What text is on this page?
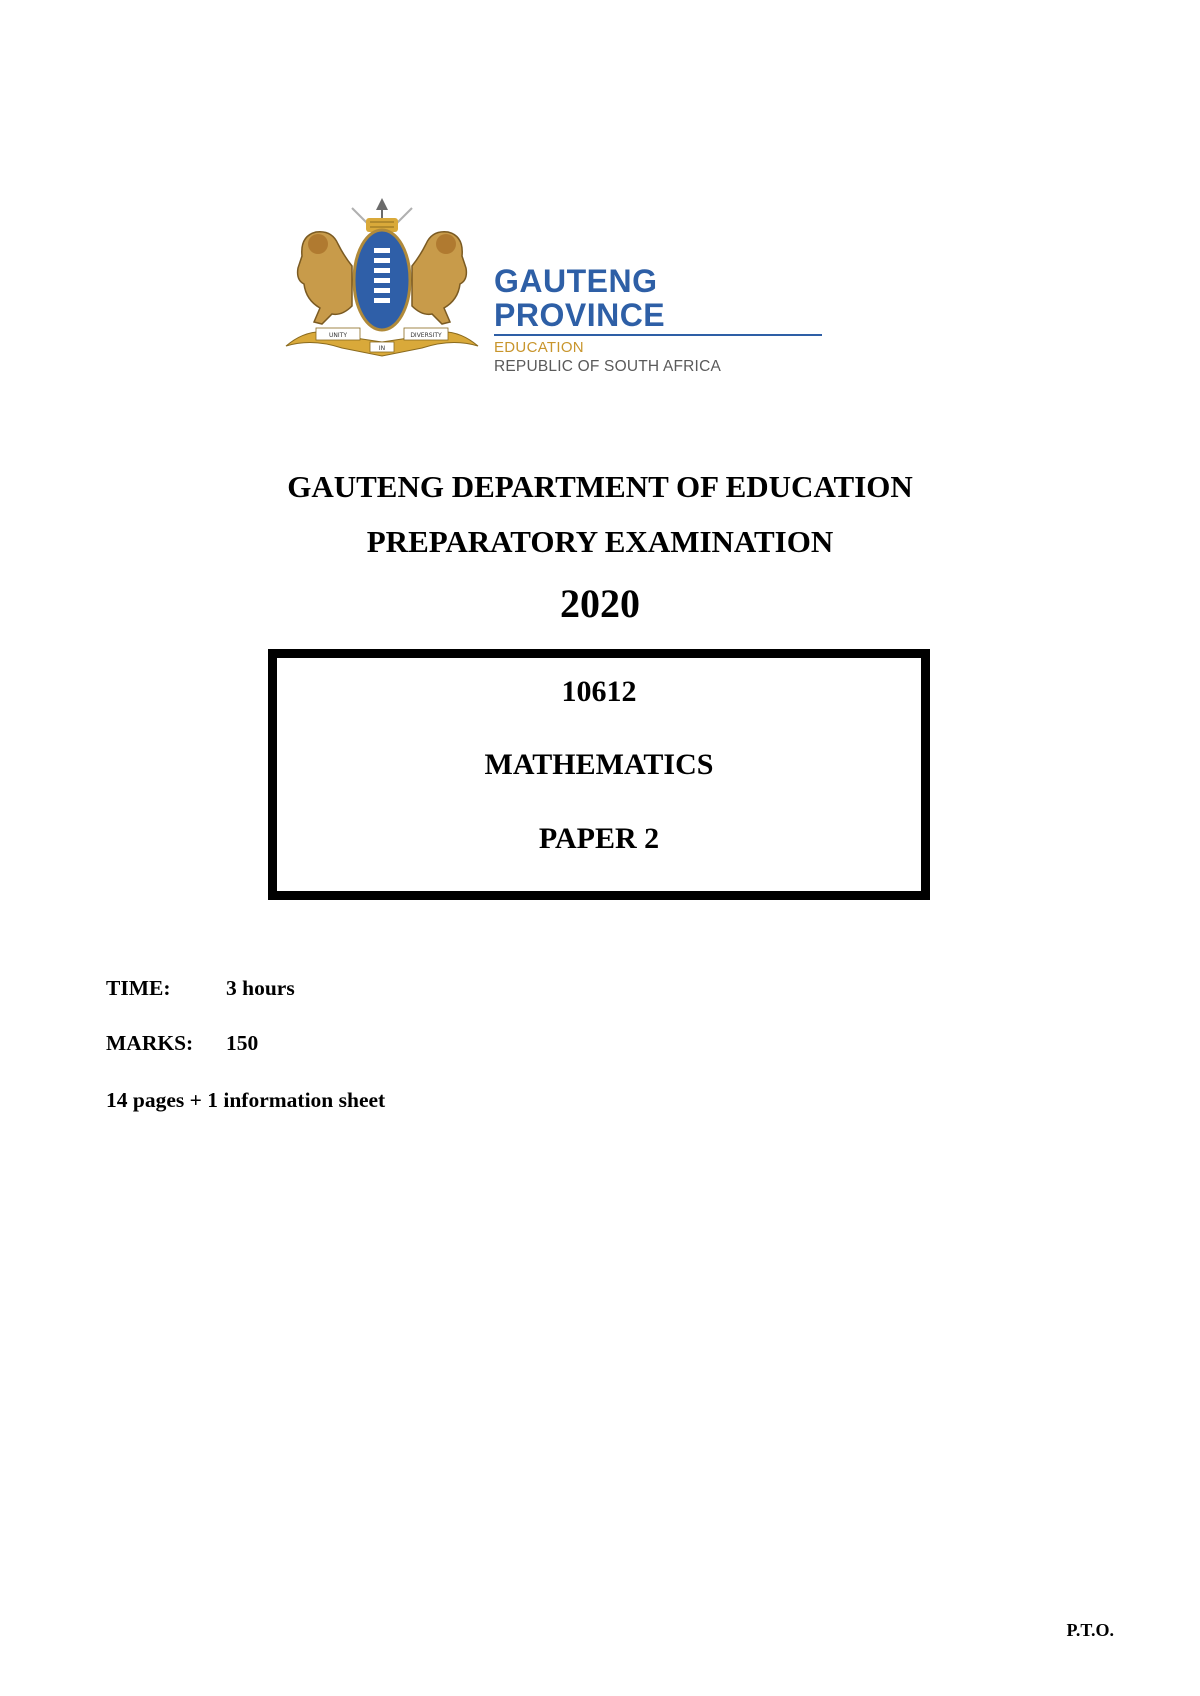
UNITY
IN
DIVERSITY
GAUTENG PROVINCE
EDUCATION
REPUBLIC OF SOUTH AFRICA
GAUTENG DEPARTMENT OF EDUCATION
PREPARATORY EXAMINATION
2020
10612
MATHEMATICS
PAPER 2
TIME:	3 hours
MARKS: 150
14 pages + 1 information sheet
P.T.O.
